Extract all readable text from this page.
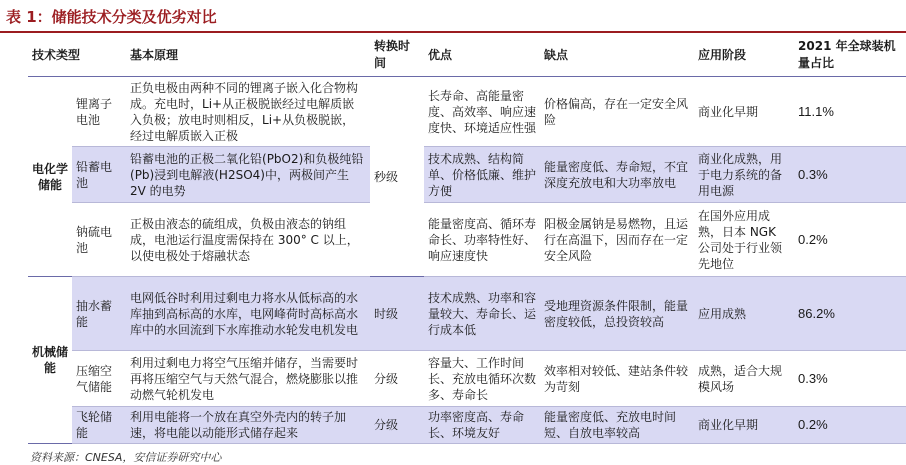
表 1：储能技术分类及优劣对比
技术类型		基本原理	转换时间	优点	缺点	应用阶段	2021 年全球装机量占比
电化学储能	锂离子电池	正负电极由两种不同的锂离子嵌入化合物构成。充电时，Li+从正极脱嵌经过电解质嵌入负极；放电时则相反，Li+从负极脱嵌，经过电解质嵌入正极	秒级	长寿命、高能量密度、高效率、响应速度快、环境适应性强	价格偏高，存在一定安全风险	商业化早期	11.1%
	铅蓄电池	铅蓄电池的正极二氧化铅(PbO2)和负极纯铅(Pb)浸到电解液(H2SO4)中，两极间产生 2V 的电势		技术成熟、结构简单、价格低廉、维护方便	能量密度低、寿命短，不宜深度充放电和大功率放电	商业化成熟，用于电力系统的备用电源	0.3%
	钠硫电池	正极由液态的硫组成，负极由液态的钠组成，电池运行温度需保持在 300° C 以上，以使电极处于熔融状态		能量密度高、循环寿命长、功率特性好、响应速度快	阳极金属钠是易燃物，且运行在高温下，因而存在一定安全风险	在国外应用成熟，日本 NGK 公司处于行业领先地位	0.2%
机械储能	抽水蓄能	电网低谷时利用过剩电力将水从低标高的水库抽到高标高的水库，电网峰荷时高标高水库中的水回流到下水库推动水轮发电机发电	时级	技术成熟、功率和容量较大、寿命长、运行成本低	受地理资源条件限制，能量密度较低，总投资较高	应用成熟	86.2%
	压缩空气储能	利用过剩电力将空气压缩并储存，当需要时再将压缩空气与天然气混合，燃烧膨胀以推动燃气轮机发电	分级	容量大、工作时间长、充放电循环次数多、寿命长	效率相对较低、建站条件较为苛刻	成熟，适合大规模风场	0.3%
	飞轮储能	利用电能将一个放在真空外壳内的转子加速，将电能以动能形式储存起来	分级	功率密度高、寿命长、环境友好	能量密度低、充放电时间短、自放电率较高	商业化早期	0.2%
资料来源：CNESA，安信证券研究中心
